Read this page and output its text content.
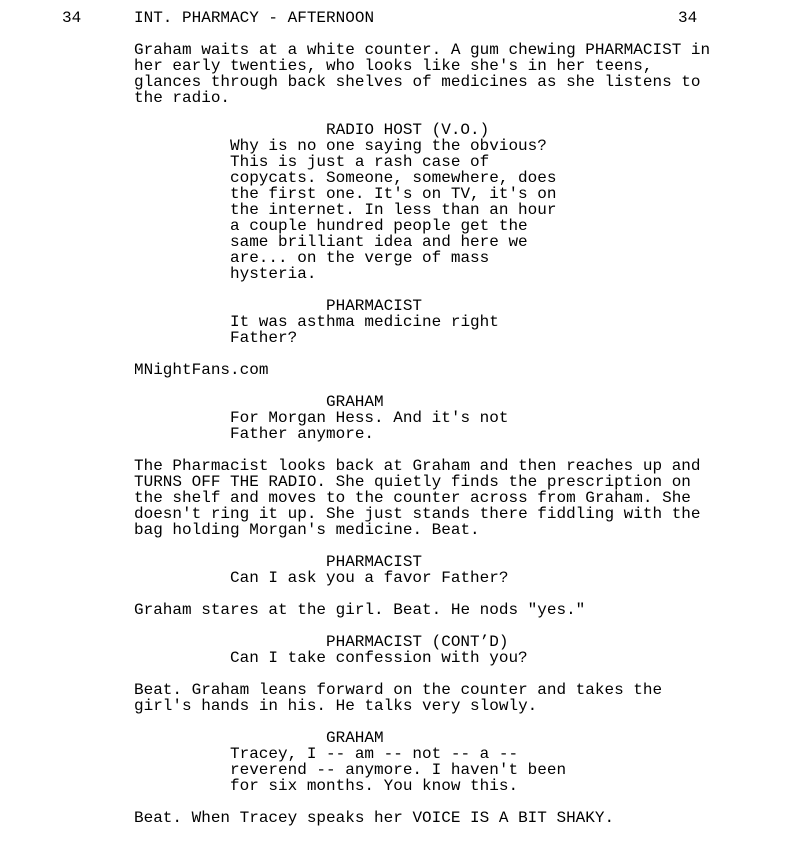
34	INT. PHARMACY - AFTERNOON	34
Graham waits at a white counter. A gum chewing PHARMACIST in
her early twenties, who looks like she's in her teens,
glances through back shelves of medicines as she listens to
the radio.
RADIO HOST (V.O.)
Why is no one saying the obvious?
This is just a rash case of
copycats. Someone, somewhere, does
the first one. It's on TV, it's on
the internet. In less than an hour
a couple hundred people get the
same brilliant idea and here we
are... on the verge of mass
hysteria.
PHARMACIST
It was asthma medicine right
Father?
MNightFans.com
GRAHAM
For Morgan Hess. And it's not
Father anymore.
The Pharmacist looks back at Graham and then reaches up and
TURNS OFF THE RADIO. She quietly finds the prescription on
the shelf and moves to the counter across from Graham. She
doesn't ring it up. She just stands there fiddling with the
bag holding Morgan's medicine. Beat.
PHARMACIST
Can I ask you a favor Father?
Graham stares at the girl. Beat. He nods "yes."
PHARMACIST (CONT’D)
Can I take confession with you?
Beat. Graham leans forward on the counter and takes the
girl's hands in his. He talks very slowly.
GRAHAM
Tracey, I -- am -- not -- a --
reverend -- anymore. I haven't been
for six months. You know this.
Beat. When Tracey speaks her VOICE IS A BIT SHAKY.
